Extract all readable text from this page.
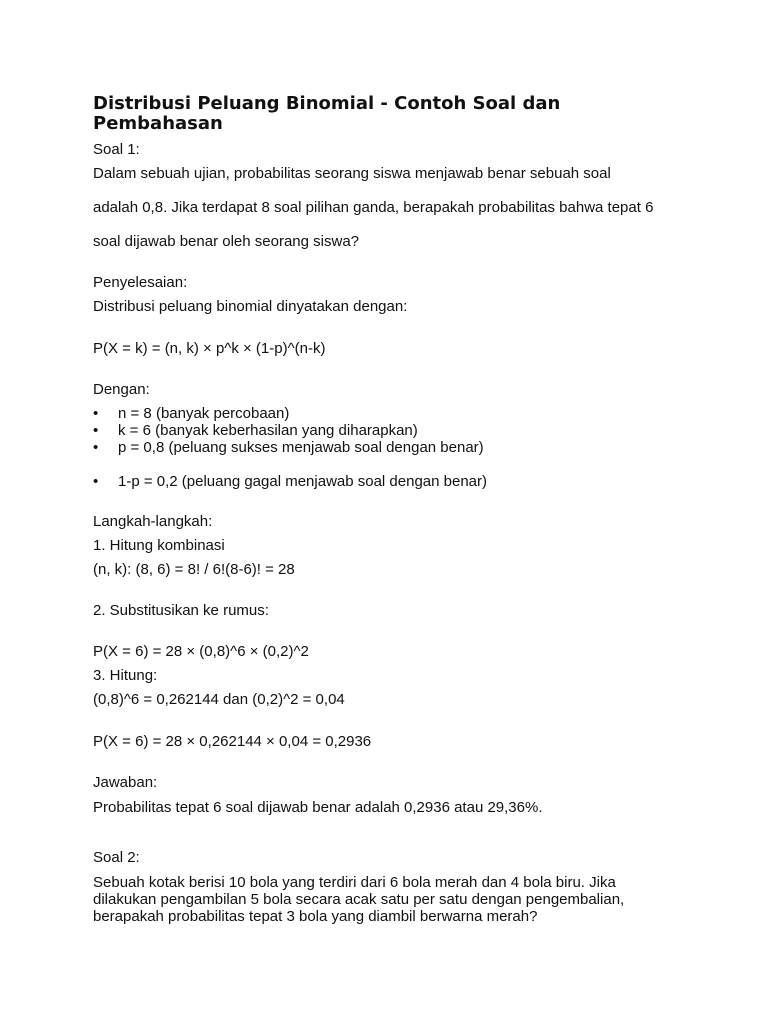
Distribusi Peluang Binomial - Contoh Soal dan Pembahasan

Soal 1:

Dalam sebuah ujian, probabilitas seorang siswa menjawab benar sebuah soal

adalah 0,8. Jika terdapat 8 soal pilihan ganda, berapakah probabilitas bahwa tepat 6

soal dijawab benar oleh seorang siswa?

Penyelesaian:

Distribusi peluang binomial dinyatakan dengan:

P(X = k) = (n, k) × p^k × (1-p)^(n-k)

Dengan:

• n = 8 (banyak percobaan)
• k = 6 (banyak keberhasilan yang diharapkan)
• p = 0,8 (peluang sukses menjawab soal dengan benar)
• 1-p = 0,2 (peluang gagal menjawab soal dengan benar)

Langkah-langkah:

1. Hitung kombinasi

(n, k): (8, 6) = 8! / 6!(8-6)! = 28

2. Substitusikan ke rumus:

P(X = 6) = 28 × (0,8)^6 × (0,2)^2

3. Hitung:

(0,8)^6 = 0,262144 dan (0,2)^2 = 0,04

P(X = 6) = 28 × 0,262144 × 0,04 = 0,2936

Jawaban:

Probabilitas tepat 6 soal dijawab benar adalah 0,2936 atau 29,36%.

Soal 2:

Sebuah kotak berisi 10 bola yang terdiri dari 6 bola merah dan 4 bola biru. Jika

dilakukan pengambilan 5 bola secara acak satu per satu dengan pengembalian,

berapakah probabilitas tepat 3 bola yang diambil berwarna merah?
